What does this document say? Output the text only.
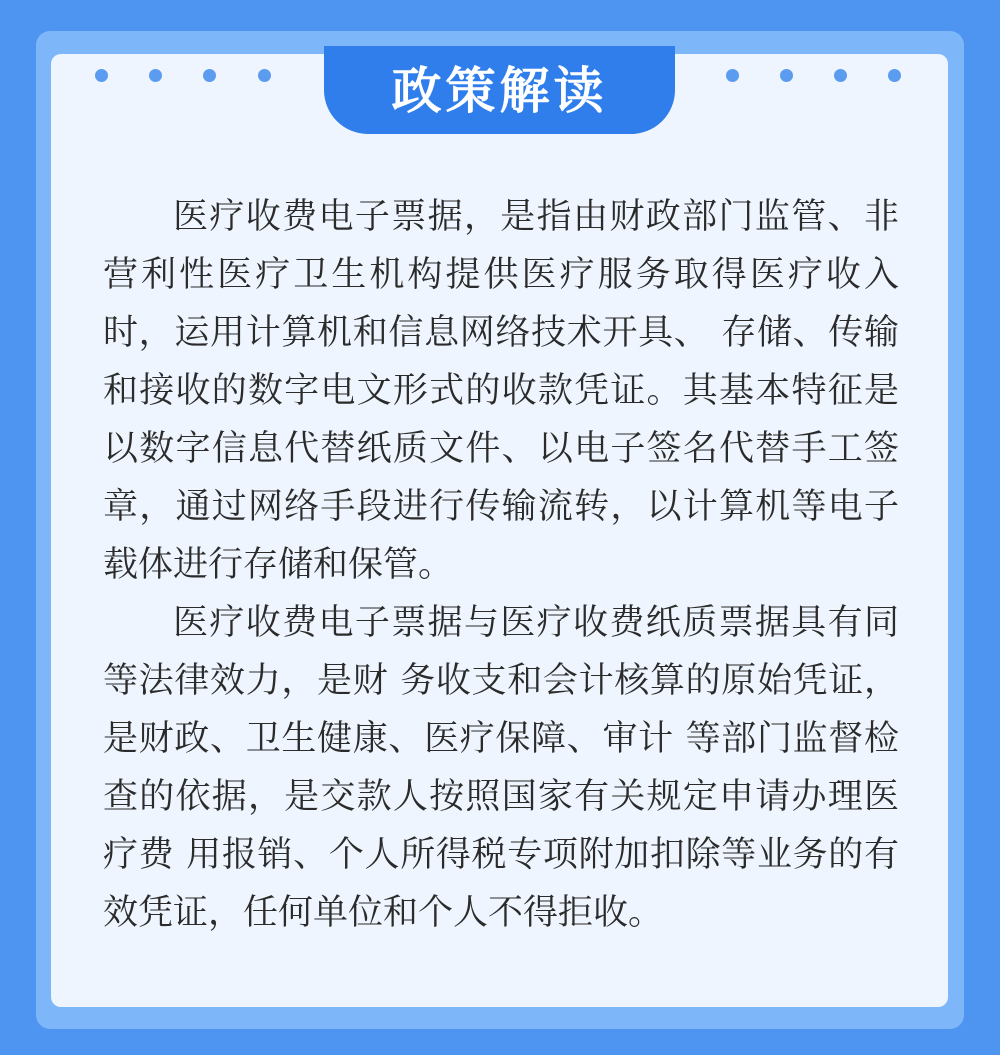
政策解读

医疗收费电子票据，是指由财政部门监管、非营利性医疗卫生机构提供医疗服务取得医疗收入时，运用计算机和信息网络技术开具、 存储、传输和接收的数字电文形式的收款凭证。其基本特征是以数字信息代替纸质文件、以电子签名代替手工签章，通过网络手段进行传输流转，以计算机等电子载体进行存储和保管。

医疗收费电子票据与医疗收费纸质票据具有同等法律效力，是财 务收支和会计核算的原始凭证，是财政、卫生健康、医疗保障、审计 等部门监督检查的依据，是交款人按照国家有关规定申请办理医疗费 用报销、个人所得税专项附加扣除等业务的有效凭证，任何单位和个人不得拒收。
